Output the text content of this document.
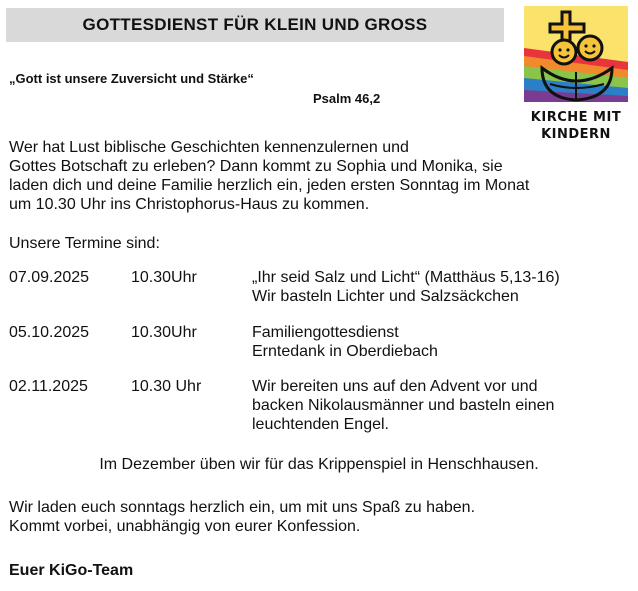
GOTTESDIENST FÜR KLEIN UND GROSS
„Gott ist unsere Zuversicht und Stärke“
Psalm 46,2
KIRCHE MIT
KINDERN
Wer hat Lust biblische Geschichten kennenzulernen und
Gottes Botschaft zu erleben? Dann kommt zu Sophia und Monika, sie
laden dich und deine Familie herzlich ein, jeden ersten Sonntag im Monat
um 10.30 Uhr ins Christophorus-Haus zu kommen.
Unsere Termine sind:
07.09.2025	10.30Uhr	„Ihr seid Salz und Licht“ (Matthäus 5,13-16)
Wir basteln Lichter und Salzsäckchen
05.10.2025	10.30Uhr	Familiengottesdienst
Erntedank in Oberdiebach
02.11.2025	10.30 Uhr	Wir bereiten uns auf den Advent vor und
backen Nikolausmänner und basteln einen
leuchtenden Engel.
Im Dezember üben wir für das Krippenspiel in Henschhausen.
Wir laden euch sonntags herzlich ein, um mit uns Spaß zu haben.
Kommt vorbei, unabhängig von eurer Konfession.
Euer KiGo-Team
